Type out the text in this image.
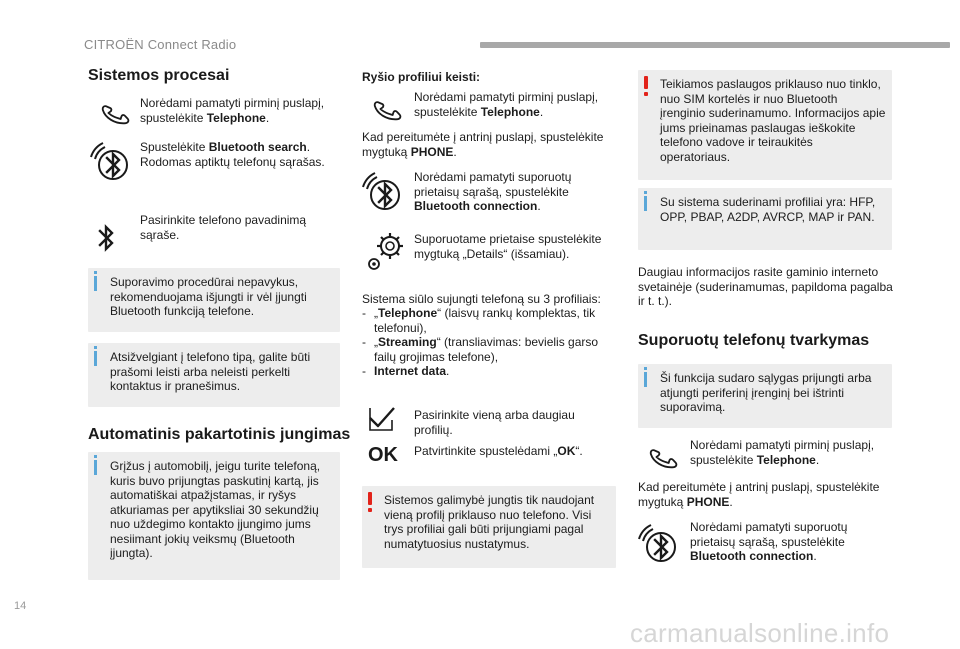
CITROËN Connect Radio
Sistemos procesai
Norėdami pamatyti pirminį puslapį, spustelėkite Telephone.
Spustelėkite Bluetooth search. Rodomas aptiktų telefonų sąrašas.
Pasirinkite telefono pavadinimą sąraše.
Suporavimo procedūrai nepavykus, rekomenduojama išjungti ir vėl įjungti Bluetooth funkciją telefone.
Atsižvelgiant į telefono tipą, galite būti prašomi leisti arba neleisti perkelti kontaktus ir pranešimus.
Automatinis pakartotinis jungimas
Grįžus į automobilį, jeigu turite telefoną, kuris buvo prijungtas paskutinį kartą, jis automatiškai atpažįstamas, ir ryšys atkuriamas per apytiksliai 30 sekundžių nuo uždegimo kontakto įjungimo jums nesiimant jokių veiksmų (Bluetooth įjungta).
Ryšio profiliui keisti:
Norėdami pamatyti pirminį puslapį, spustelėkite Telephone.
Kad pereitumėte į antrinį puslapį, spustelėkite mygtuką PHONE.
Norėdami pamatyti suporuotų prietaisų sąrašą, spustelėkite Bluetooth connection.
Suporuotame prietaise spustelėkite mygtuką „Details“ (išsamiau).
Sistema siūlo sujungti telefoną su 3 profiliais:
- „Telephone“ (laisvų rankų komplektas, tik telefonui),
- „Streaming“ (transliavimas: bevielis garso failų grojimas telefone),
- Internet data.
Pasirinkite vieną arba daugiau profilių.
OK Patvirtinkite spustelėdami „OK“.
Sistemos galimybė jungtis tik naudojant vieną profilį priklauso nuo telefono. Visi trys profiliai gali būti prijungiami pagal numatytuosius nustatymus.
Teikiamos paslaugos priklauso nuo tinklo, nuo SIM kortelės ir nuo Bluetooth įrenginio suderinamumo. Informacijos apie jums prieinamas paslaugas ieškokite telefono vadove ir teiraukitės operatoriaus.
Su sistema suderinami profiliai yra: HFP, OPP, PBAP, A2DP, AVRCP, MAP ir PAN.
Daugiau informacijos rasite gaminio interneto svetainėje (suderinamumas, papildoma pagalba ir t. t.).
Suporuotų telefonų tvarkymas
Ši funkcija sudaro sąlygas prijungti arba atjungti periferinį įrenginį bei ištrinti suporavimą.
Norėdami pamatyti pirminį puslapį, spustelėkite Telephone.
Kad pereitumėte į antrinį puslapį, spustelėkite mygtuką PHONE.
Norėdami pamatyti suporuotų prietaisų sąrašą, spustelėkite Bluetooth connection.
14
carmanualsonline.info
